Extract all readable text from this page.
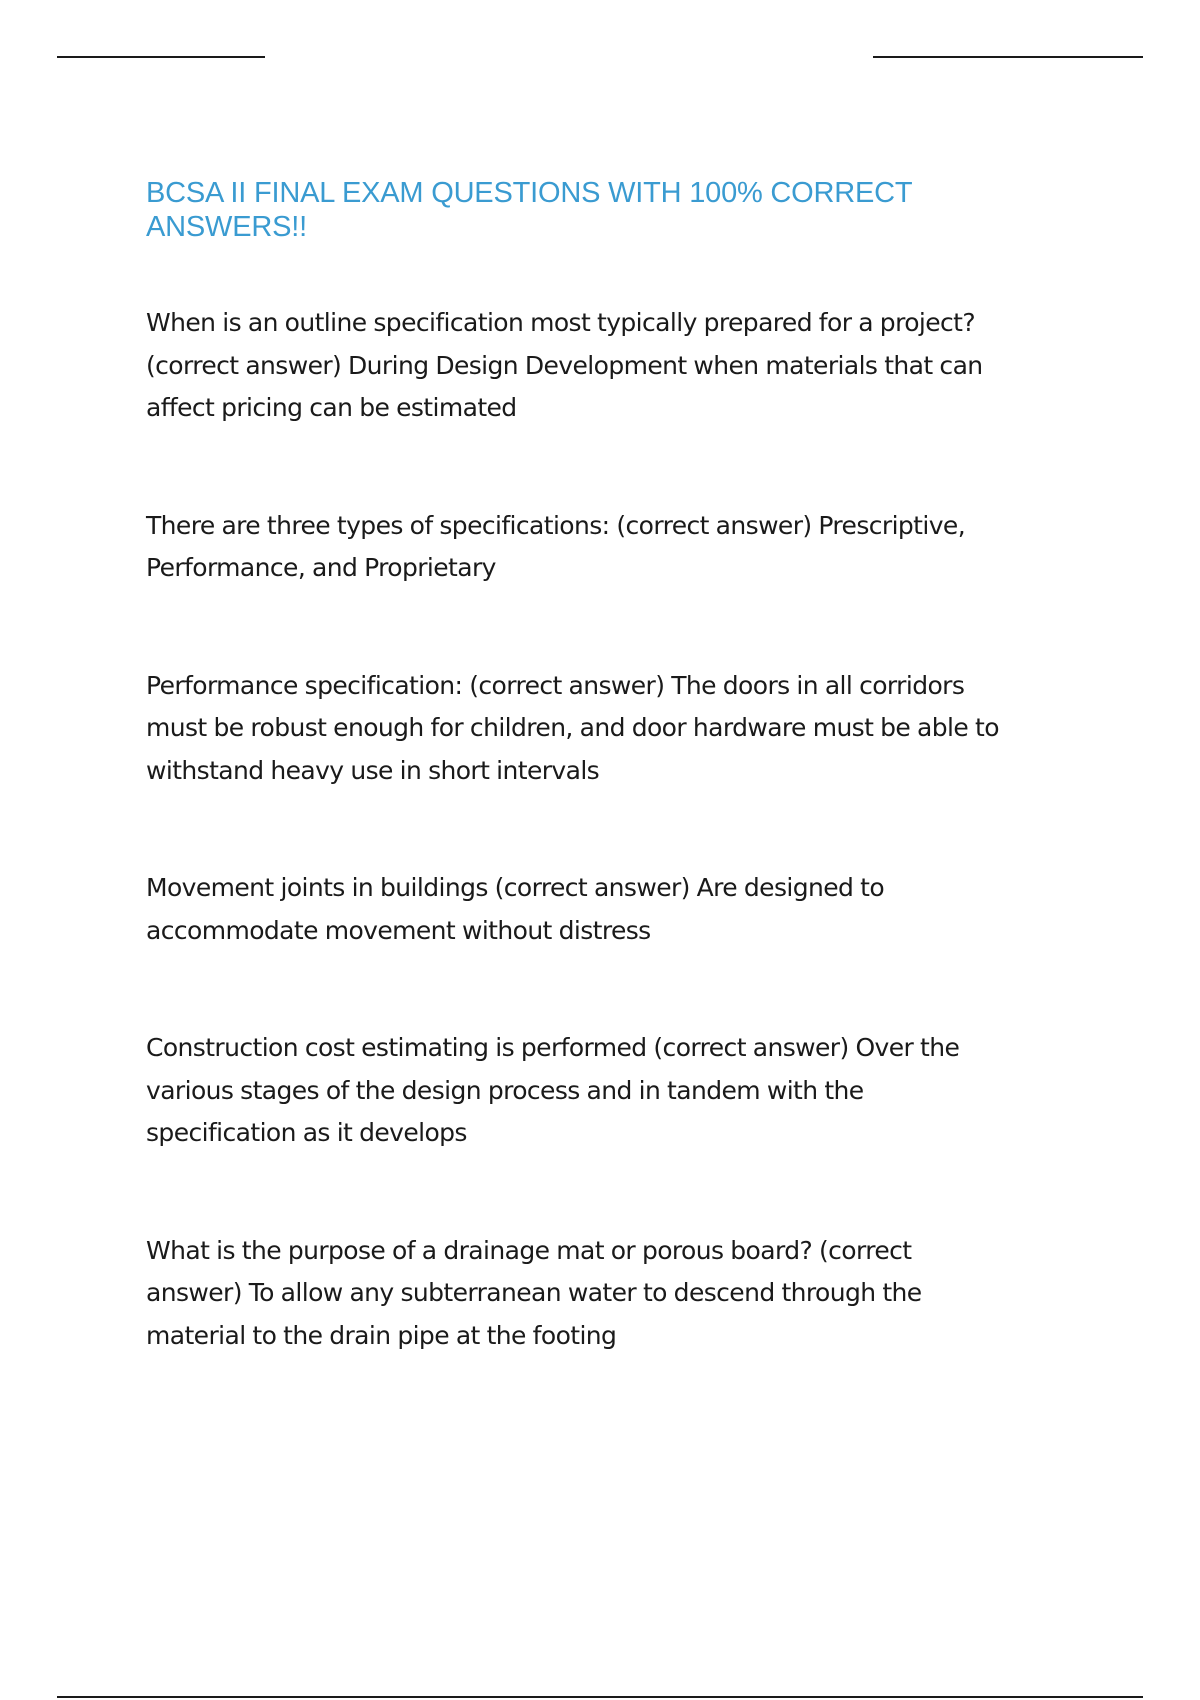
BCSA II FINAL EXAM QUESTIONS WITH 100% CORRECT
ANSWERS!!

When is an outline specification most typically prepared for a project?
(correct answer) During Design Development when materials that can
affect pricing can be estimated

There are three types of specifications: (correct answer) Prescriptive,
Performance, and Proprietary

Performance specification: (correct answer) The doors in all corridors
must be robust enough for children, and door hardware must be able to
withstand heavy use in short intervals

Movement joints in buildings (correct answer) Are designed to
accommodate movement without distress

Construction cost estimating is performed (correct answer) Over the
various stages of the design process and in tandem with the
specification as it develops

What is the purpose of a drainage mat or porous board? (correct
answer) To allow any subterranean water to descend through the
material to the drain pipe at the footing
